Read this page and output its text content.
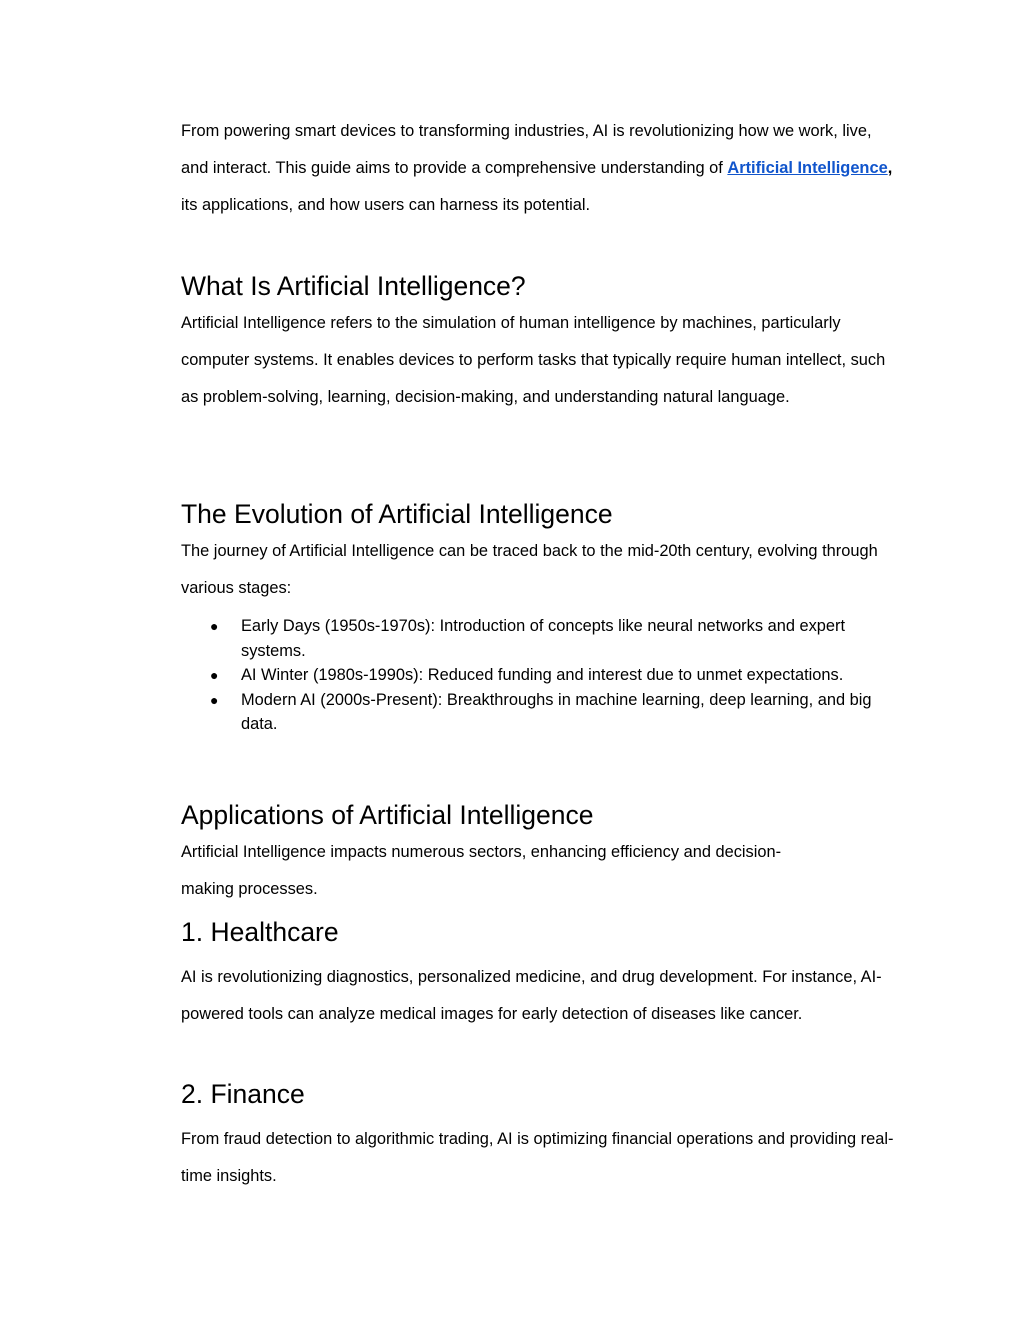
From powering smart devices to transforming industries, AI is revolutionizing how we work, live, and interact. This guide aims to provide a comprehensive understanding of Artificial Intelligence, its applications, and how users can harness its potential.

What Is Artificial Intelligence?

Artificial Intelligence refers to the simulation of human intelligence by machines, particularly computer systems. It enables devices to perform tasks that typically require human intellect, such as problem-solving, learning, decision-making, and understanding natural language.

The Evolution of Artificial Intelligence

The journey of Artificial Intelligence can be traced back to the mid-20th century, evolving through various stages:

● Early Days (1950s-1970s): Introduction of concepts like neural networks and expert systems.
● AI Winter (1980s-1990s): Reduced funding and interest due to unmet expectations.
● Modern AI (2000s-Present): Breakthroughs in machine learning, deep learning, and big data.
Applications of Artificial Intelligence

Artificial Intelligence impacts numerous sectors, enhancing efficiency and decision-making processes.

1. Healthcare

AI is revolutionizing diagnostics, personalized medicine, and drug development. For instance, AI-powered tools can analyze medical images for early detection of diseases like cancer.

2. Finance

From fraud detection to algorithmic trading, AI is optimizing financial operations and providing real-time insights.
